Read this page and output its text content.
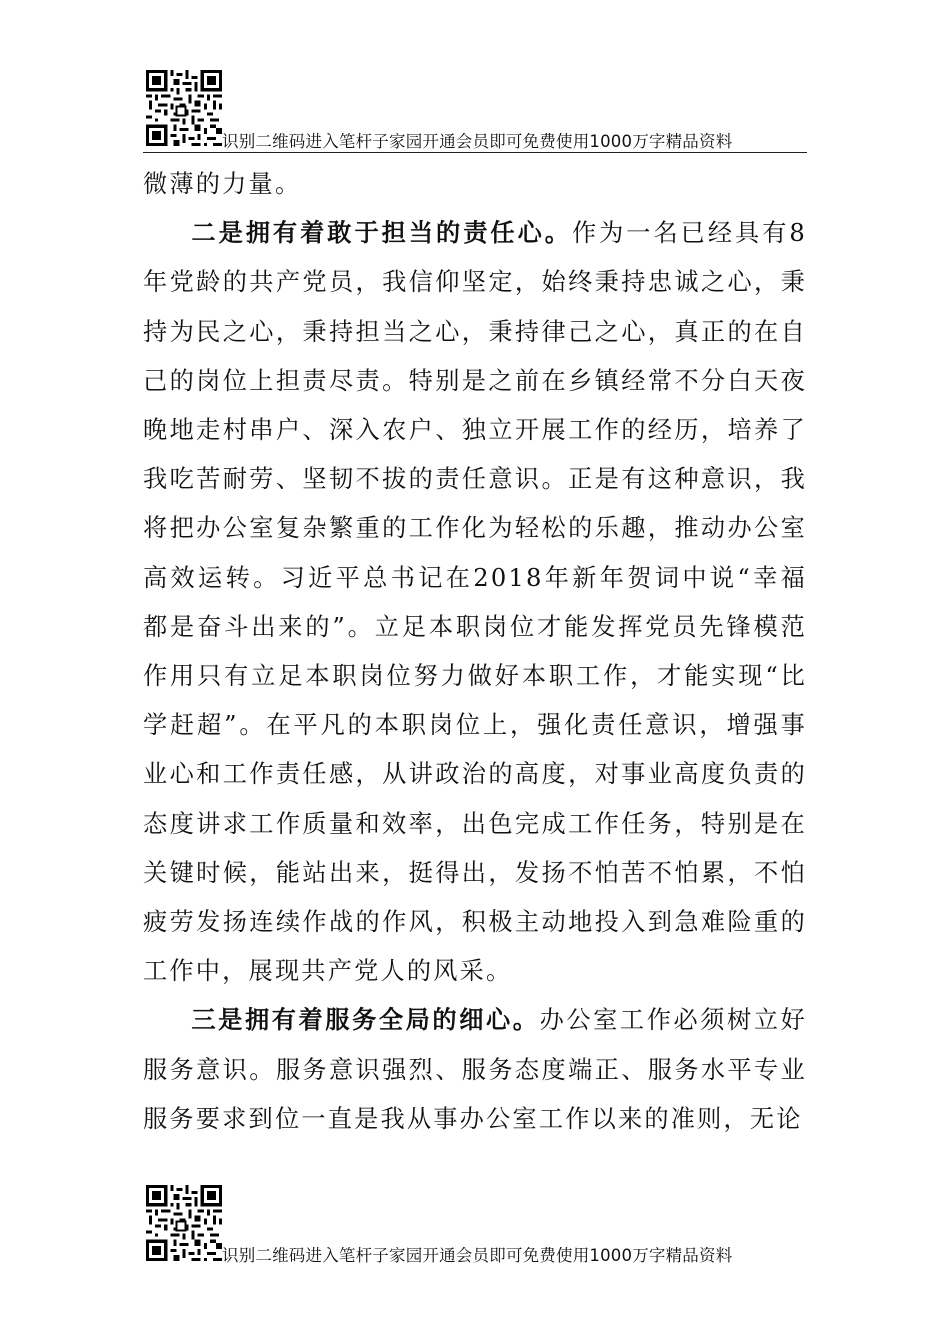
识别二维码进入笔杆子家园开通会员即可免费使用1000万字精品资料

微薄的力量。

二是拥有着敢于担当的责任心。作为一名已经具有8年党龄的共产党员，我信仰坚定，始终秉持忠诚之心，秉持为民之心，秉持担当之心，秉持律己之心，真正的在自己的岗位上担责尽责。特别是之前在乡镇经常不分白天夜晚地走村串户、深入农户、独立开展工作的经历，培养了我吃苦耐劳、坚韧不拔的责任意识。正是有这种意识，我将把办公室复杂繁重的工作化为轻松的乐趣，推动办公室高效运转。习近平总书记在2018年新年贺词中说“幸福都是奋斗出来的”。立足本职岗位才能发挥党员先锋模范作用只有立足本职岗位努力做好本职工作，才能实现“比学赶超”。在平凡的本职岗位上，强化责任意识，增强事业心和工作责任感，从讲政治的高度，对事业高度负责的态度讲求工作质量和效率，出色完成工作任务，特别是在关键时候，能站出来，挺得出，发扬不怕苦不怕累，不怕疲劳发扬连续作战的作风，积极主动地投入到急难险重的工作中，展现共产党人的风采。

三是拥有着服务全局的细心。办公室工作必须树立好服务意识。服务意识强烈、服务态度端正、服务水平专业服务要求到位一直是我从事办公室工作以来的准则，无论

识别二维码进入笔杆子家园开通会员即可免费使用1000万字精品资料
